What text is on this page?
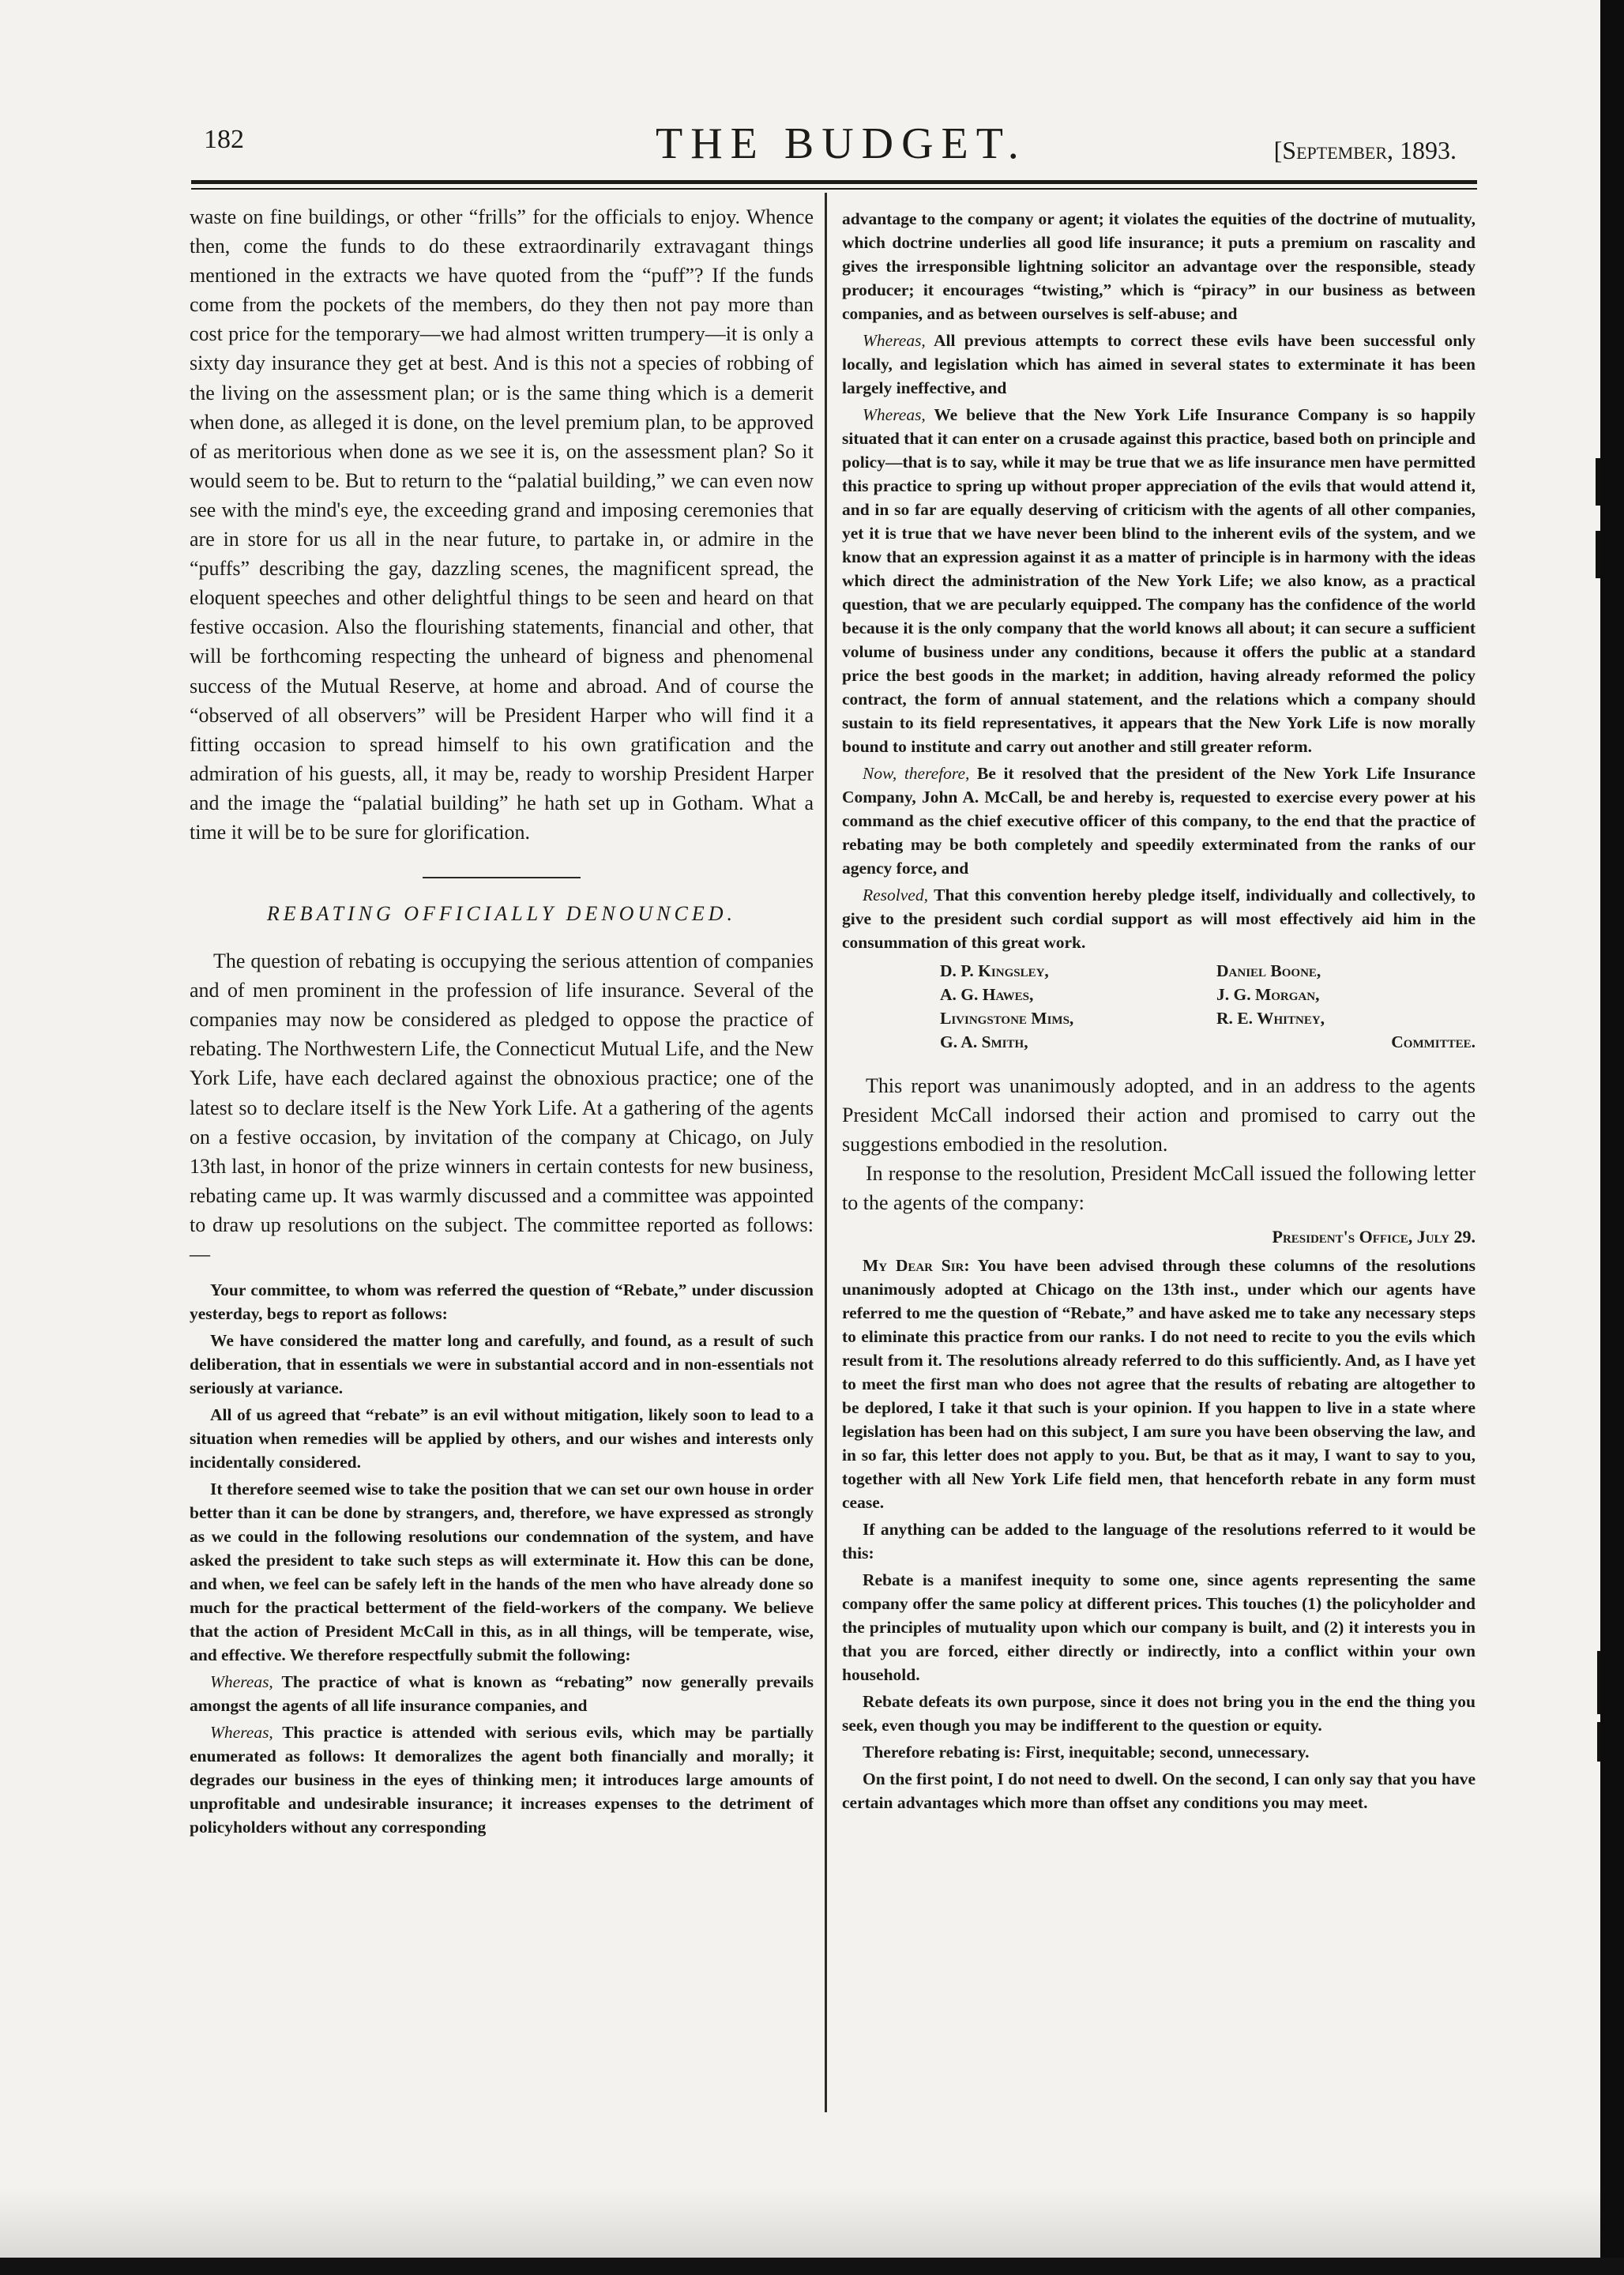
182	THE BUDGET.	[September, 1893.

waste on fine buildings, or other “frills” for the officials to enjoy. Whence then, come the funds to do these extraordinarily extravagant things mentioned in the extracts we have quoted from the “puff”? If the funds come from the pockets of the members, do they then not pay more than cost price for the temporary—we had almost written trumpery—it is only a sixty day insurance they get at best. And is this not a species of robbing of the living on the assessment plan; or is the same thing which is a demerit when done, as alleged it is done, on the level premium plan, to be approved of as meritorious when done as we see it is, on the assessment plan? So it would seem to be. But to return to the “palatial building,” we can even now see with the mind's eye, the exceeding grand and imposing ceremonies that are in store for us all in the near future, to partake in, or admire in the “puffs” describing the gay, dazzling scenes, the magnificent spread, the eloquent speeches and other delightful things to be seen and heard on that festive occasion. Also the flourishing statements, financial and other, that will be forthcoming respecting the unheard of bigness and phenomenal success of the Mutual Reserve, at home and abroad. And of course the “observed of all observers” will be President Harper who will find it a fitting occasion to spread himself to his own gratification and the admiration of his guests, all, it may be, ready to worship President Harper and the image the “palatial building” he hath set up in Gotham. What a time it will be to be sure for glorification.

REBATING OFFICIALLY DENOUNCED.

The question of rebating is occupying the serious attention of companies and of men prominent in the profession of life insurance. Several of the companies may now be considered as pledged to oppose the practice of rebating. The Northwestern Life, the Connecticut Mutual Life, and the New York Life, have each declared against the obnoxious practice; one of the latest so to declare itself is the New York Life. At a gathering of the agents on a festive occasion, by invitation of the company at Chicago, on July 13th last, in honor of the prize winners in certain contests for new business, rebating came up. It was warmly discussed and a committee was appointed to draw up resolutions on the subject. The committee reported as follows:—

Your committee, to whom was referred the question of “Rebate,” under discussion yesterday, begs to report as follows:

We have considered the matter long and carefully, and found, as a result of such deliberation, that in essentials we were in substantial accord and in non-essentials not seriously at variance.

All of us agreed that “rebate” is an evil without mitigation, likely soon to lead to a situation when remedies will be applied by others, and our wishes and interests only incidentally considered.

It therefore seemed wise to take the position that we can set our own house in order better than it can be done by strangers, and, therefore, we have expressed as strongly as we could in the following resolutions our condemnation of the system, and have asked the president to take such steps as will exterminate it. How this can be done, and when, we feel can be safely left in the hands of the men who have already done so much for the practical betterment of the field-workers of the company. We believe that the action of President McCall in this, as in all things, will be temperate, wise, and effective. We therefore respectfully submit the following:

Whereas, The practice of what is known as “rebating” now generally prevails amongst the agents of all life insurance companies, and

Whereas, This practice is attended with serious evils, which may be partially enumerated as follows: It demoralizes the agent both financially and morally; it degrades our business in the eyes of thinking men; it introduces large amounts of unprofitable and undesirable insurance; it increases expenses to the detriment of policyholders without any corresponding

advantage to the company or agent; it violates the equities of the doctrine of mutuality, which doctrine underlies all good life insurance; it puts a premium on rascality and gives the irresponsible lightning solicitor an advantage over the responsible, steady producer; it encourages “twisting,” which is “piracy” in our business as between companies, and as between ourselves is self-abuse; and

Whereas, All previous attempts to correct these evils have been successful only locally, and legislation which has aimed in several states to exterminate it has been largely ineffective, and

Whereas, We believe that the New York Life Insurance Company is so happily situated that it can enter on a crusade against this practice, based both on principle and policy—that is to say, while it may be true that we as life insurance men have permitted this practice to spring up without proper appreciation of the evils that would attend it, and in so far are equally deserving of criticism with the agents of all other companies, yet it is true that we have never been blind to the inherent evils of the system, and we know that an expression against it as a matter of principle is in harmony with the ideas which direct the administration of the New York Life; we also know, as a practical question, that we are pecularly equipped. The company has the confidence of the world because it is the only company that the world knows all about; it can secure a sufficient volume of business under any conditions, because it offers the public at a standard price the best goods in the market; in addition, having already reformed the policy contract, the form of annual statement, and the relations which a company should sustain to its field representatives, it appears that the New York Life is now morally bound to institute and carry out another and still greater reform.

Now, therefore, Be it resolved that the president of the New York Life Insurance Company, John A. McCall, be and hereby is, requested to exercise every power at his command as the chief executive officer of this company, to the end that the practice of rebating may be both completely and speedily exterminated from the ranks of our agency force, and

Resolved, That this convention hereby pledge itself, individually and collectively, to give to the president such cordial support as will most effectively aid him in the consummation of this great work.

D. P. Kingsley,	Daniel Boone,
A. G. Hawes,	J. G. Morgan,
Livingstone Mims,	R. E. Whitney,
G. A. Smith,	Committee.

This report was unanimously adopted, and in an address to the agents President McCall indorsed their action and promised to carry out the suggestions embodied in the resolution.

In response to the resolution, President McCall issued the following letter to the agents of the company:

President's Office, July 29.

My Dear Sir: You have been advised through these columns of the resolutions unanimously adopted at Chicago on the 13th inst., under which our agents have referred to me the question of “Rebate,” and have asked me to take any necessary steps to eliminate this practice from our ranks. I do not need to recite to you the evils which result from it. The resolutions already referred to do this sufficiently. And, as I have yet to meet the first man who does not agree that the results of rebating are altogether to be deplored, I take it that such is your opinion. If you happen to live in a state where legislation has been had on this subject, I am sure you have been observing the law, and in so far, this letter does not apply to you. But, be that as it may, I want to say to you, together with all New York Life field men, that henceforth rebate in any form must cease.

If anything can be added to the language of the resolutions referred to it would be this:

Rebate is a manifest inequity to some one, since agents representing the same company offer the same policy at different prices. This touches (1) the policyholder and the principles of mutuality upon which our company is built, and (2) it interests you in that you are forced, either directly or indirectly, into a conflict within your own household.

Rebate defeats its own purpose, since it does not bring you in the end the thing you seek, even though you may be indifferent to the question or equity.

Therefore rebating is: First, inequitable; second, unnecessary.

On the first point, I do not need to dwell. On the second, I can only say that you have certain advantages which more than offset any conditions you may meet.
